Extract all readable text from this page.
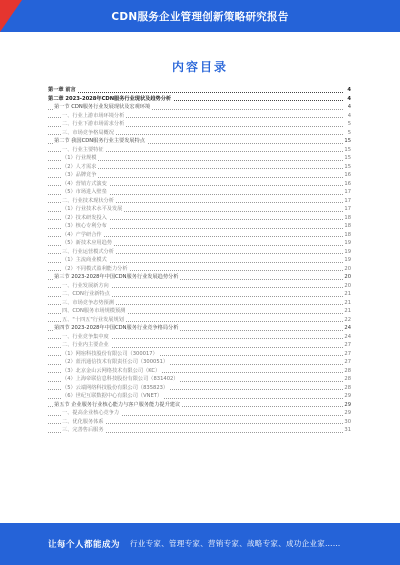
CDN服务企业管理创新策略研究报告
内容目录
第一章 前言	4
第二章 2023-2028年CDN服务行业现状及趋势分析	4
第一节 CDN服务行业发展现状及宏观环境	4
一、行业上游市场环境分析	4
二、行业下游市场需求分析	5
三、市场竞争格局概况	5
第二节 我国CDN服务行业主要发展特点	15
一、行业主要特征	15
（1）行业规模	15
（2）人才需求	15
（3）品牌竞争	16
（4）营销方式演变	16
（5）市场进入壁垒	17
二、行业技术现状分析	17
（1）行业技术水平及发展	17
（2）技术研发投入	18
（3）核心专利分布	18
（4）产学研合作	18
（5）新技术应用趋势	19
三、行业运营模式分析	19
（1）主流商业模式	19
（2）不同模式盈利能力分析	20
第三节 2023-2028年中国CDN服务行业发展趋势分析	20
一、行业发展新方向	20
二、CDN行业新特点	21
三、市场竞争态势预测	21
四、CDN服务市场规模预测	21
五、"十四五"行业发展规划	22
第四节 2023-2028年中国CDN服务行业竞争格局分析	24
一、行业竞争集中度	24
二、行业内主要企业	27
（1）网宿科技股份有限公司（300017）	27
（2）蓝汛通信技术有限责任公司（300051）	27
（3）北京金山云网络技术有限公司（KC）	28
（4）上海帝联信息科技股份有限公司（831402）	28
（5）云端网络科技股份有限公司（835823）	28
（6）世纪互联数据中心有限公司（VNET）	29
第五节 企业服务行业核心能力与客户服务能力提升建议	29
一、提高企业核心竞争力	29
二、优化服务体系	30
三、完善售后服务	31
让每个人都能成为 行业专家、管理专家、营销专家、战略专家、成功企业家……
